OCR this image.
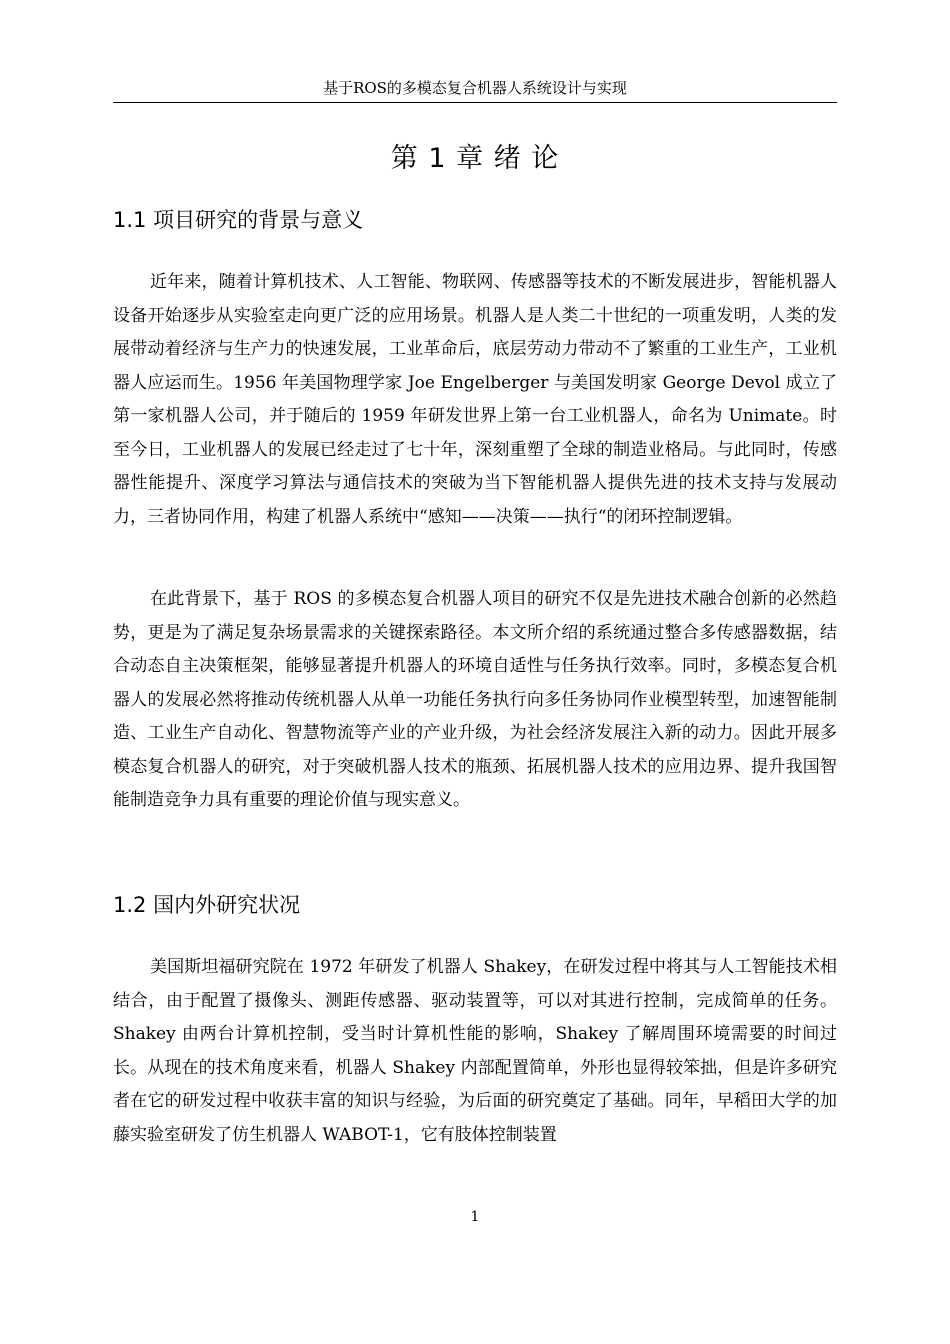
基于ROS的多模态复合机器人系统设计与实现
第 1 章 绪 论
1.1 项目研究的背景与意义

近年来，随着计算机技术、人工智能、物联网、传感器等技术的不断发展进步，智能机器人设备开始逐步从实验室走向更广泛的应用场景。机器人是人类二十世纪的一项重发明，人类的发展带动着经济与生产力的快速发展，工业革命后，底层劳动力带动不了繁重的工业生产，工业机器人应运而生。1956 年美国物理学家 Joe Engelberger 与美国发明家 George Devol 成立了第一家机器人公司，并于随后的 1959 年研发世界上第一台工业机器人，命名为 Unimate。时至今日，工业机器人的发展已经走过了七十年，深刻重塑了全球的制造业格局。与此同时，传感器性能提升、深度学习算法与通信技术的突破为当下智能机器人提供先进的技术支持与发展动力，三者协同作用，构建了机器人系统中“感知——决策——执行“的闭环控制逻辑。

在此背景下，基于 ROS 的多模态复合机器人项目的研究不仅是先进技术融合创新的必然趋势，更是为了满足复杂场景需求的关键探索路径。本文所介绍的系统通过整合多传感器数据，结合动态自主决策框架，能够显著提升机器人的环境自适性与任务执行效率。同时，多模态复合机器人的发展必然将推动传统机器人从单一功能任务执行向多任务协同作业模型转型，加速智能制造、工业生产自动化、智慧物流等产业的产业升级，为社会经济发展注入新的动力。因此开展多模态复合机器人的研究，对于突破机器人技术的瓶颈、拓展机器人技术的应用边界、提升我国智能制造竞争力具有重要的理论价值与现实意义。

1.2 国内外研究状况

美国斯坦福研究院在 1972 年研发了机器人 Shakey，在研发过程中将其与人工智能技术相结合，由于配置了摄像头、测距传感器、驱动装置等，可以对其进行控制，完成简单的任务。Shakey 由两台计算机控制，受当时计算机性能的影响，Shakey 了解周围环境需要的时间过长。从现在的技术角度来看，机器人 Shakey 内部配置简单，外形也显得较笨拙，但是许多研究者在它的研发过程中收获丰富的知识与经验，为后面的研究奠定了基础。同年，早稻田大学的加藤实验室研发了仿生机器人 WABOT-1，它有肢体控制装置

1
